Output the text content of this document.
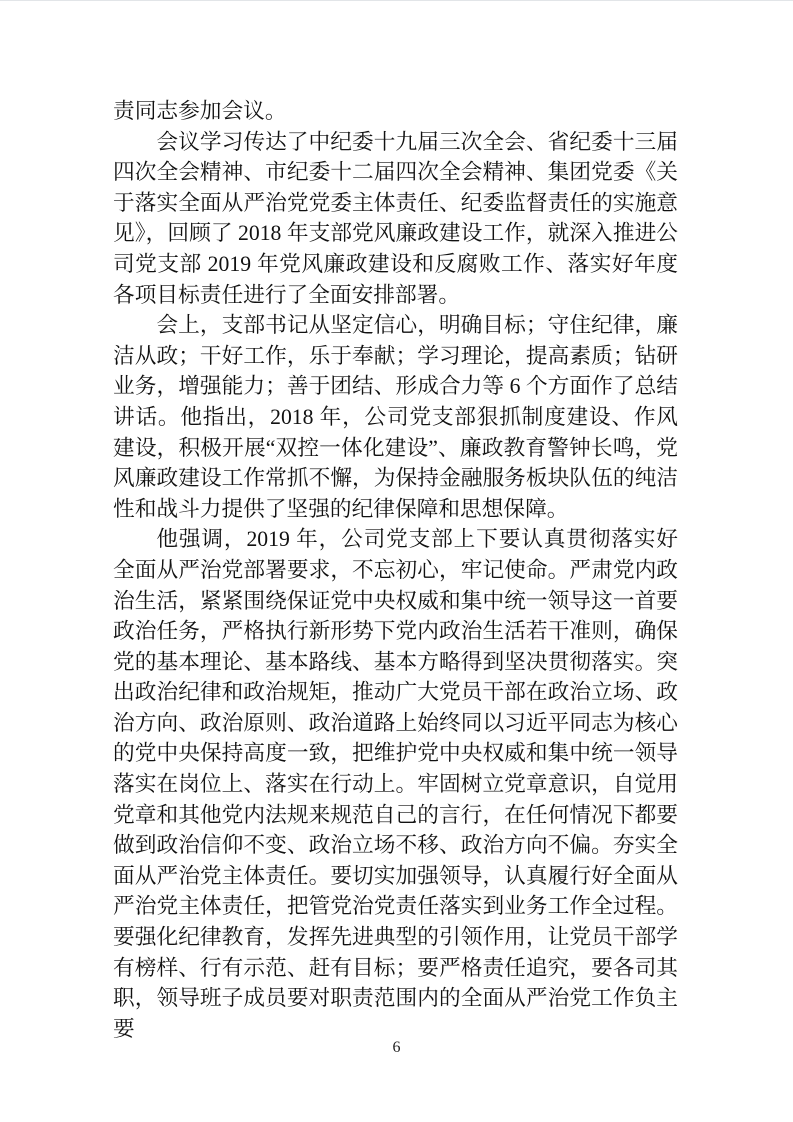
责同志参加会议。

会议学习传达了中纪委十九届三次全会、省纪委十三届四次全会精神、市纪委十二届四次全会精神、集团党委《关于落实全面从严治党党委主体责任、纪委监督责任的实施意见》，回顾了 2018 年支部党风廉政建设工作，就深入推进公司党支部 2019 年党风廉政建设和反腐败工作、落实好年度各项目标责任进行了全面安排部署。

会上，支部书记从坚定信心，明确目标；守住纪律，廉洁从政；干好工作，乐于奉献；学习理论，提高素质；钻研业务，增强能力；善于团结、形成合力等 6 个方面作了总结讲话。他指出，2018 年，公司党支部狠抓制度建设、作风建设，积极开展“双控一体化建设”、廉政教育警钟长鸣，党风廉政建设工作常抓不懈，为保持金融服务板块队伍的纯洁性和战斗力提供了坚强的纪律保障和思想保障。

他强调，2019 年，公司党支部上下要认真贯彻落实好全面从严治党部署要求，不忘初心，牢记使命。严肃党内政治生活，紧紧围绕保证党中央权威和集中统一领导这一首要政治任务，严格执行新形势下党内政治生活若干准则，确保党的基本理论、基本路线、基本方略得到坚决贯彻落实。突出政治纪律和政治规矩，推动广大党员干部在政治立场、政治方向、政治原则、政治道路上始终同以习近平同志为核心的党中央保持高度一致，把维护党中央权威和集中统一领导落实在岗位上、落实在行动上。牢固树立党章意识，自觉用党章和其他党内法规来规范自己的言行，在任何情况下都要做到政治信仰不变、政治立场不移、政治方向不偏。夯实全面从严治党主体责任。要切实加强领导，认真履行好全面从严治党主体责任，把管党治党责任落实到业务工作全过程。要强化纪律教育，发挥先进典型的引领作用，让党员干部学有榜样、行有示范、赶有目标；要严格责任追究，要各司其职，领导班子成员要对职责范围内的全面从严治党工作负主要

6
